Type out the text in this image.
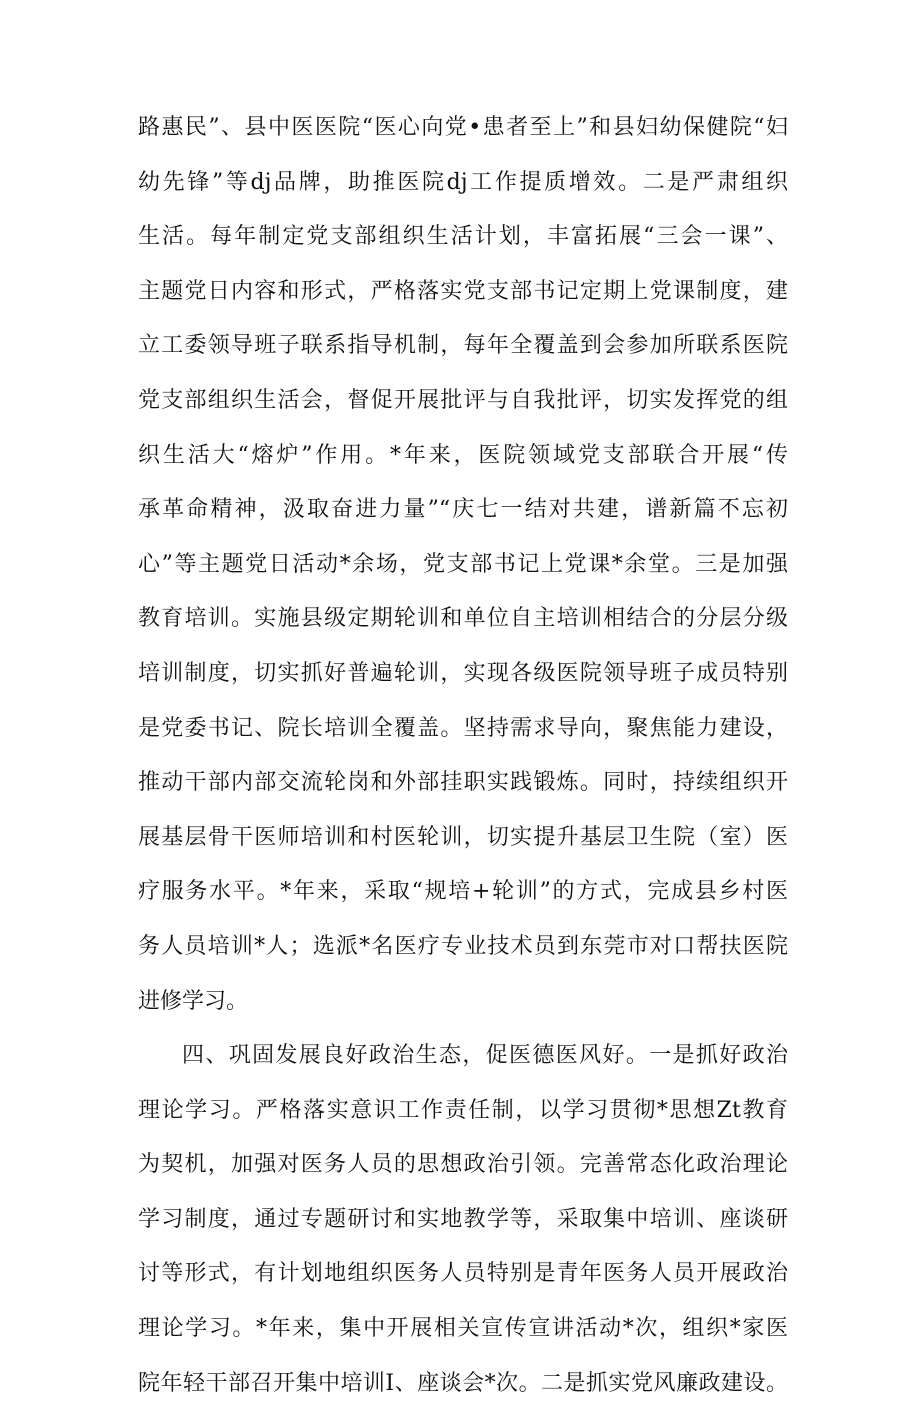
路惠民”、县中医医院“医心向党•患者至上”和县妇幼保健院“妇
幼先锋”等dj品牌，助推医院dj工作提质增效。二是严肃组织
生活。每年制定党支部组织生活计划，丰富拓展“三会一课”、
主题党日内容和形式，严格落实党支部书记定期上党课制度，建
立工委领导班子联系指导机制，每年全覆盖到会参加所联系医院
党支部组织生活会，督促开展批评与自我批评，切实发挥党的组
织生活大“熔炉”作用。*年来，医院领域党支部联合开展“传
承革命精神，汲取奋进力量”“庆七一结对共建，谱新篇不忘初
心”等主题党日活动*余场，党支部书记上党课*余堂。三是加强
教育培训。实施县级定期轮训和单位自主培训相结合的分层分级
培训制度，切实抓好普遍轮训，实现各级医院领导班子成员特别
是党委书记、院长培训全覆盖。坚持需求导向，聚焦能力建设，
推动干部内部交流轮岗和外部挂职实践锻炼。同时，持续组织开
展基层骨干医师培训和村医轮训，切实提升基层卫生院（室）医
疗服务水平。*年来，采取“规培+轮训”的方式，完成县乡村医
务人员培训*人；选派*名医疗专业技术员到东莞市对口帮扶医院
进修学习。
四、巩固发展良好政治生态，促医德医风好。一是抓好政治
理论学习。严格落实意识工作责任制，以学习贯彻*思想Zt教育
为契机，加强对医务人员的思想政治引领。完善常态化政治理论
学习制度，通过专题研讨和实地教学等，采取集中培训、座谈研
讨等形式，有计划地组织医务人员特别是青年医务人员开展政治
理论学习。*年来，集中开展相关宣传宣讲活动*次，组织*家医
院年轻干部召开集中培训I、座谈会*次。二是抓实党风廉政建设。
